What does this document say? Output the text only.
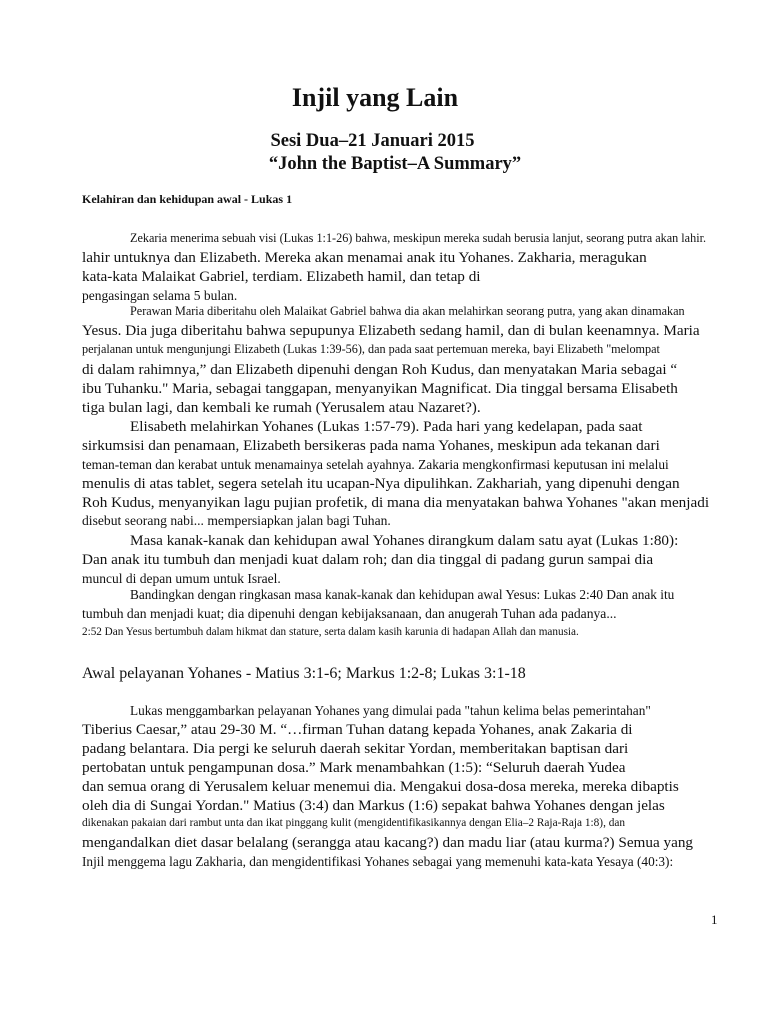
Injil yang Lain
Sesi Dua–21 Januari 2015
“John the Baptist–A Summary”
Kelahiran dan kehidupan awal - Lukas 1
Zekaria menerima sebuah visi (Lukas 1:1-26) bahwa, meskipun mereka sudah berusia lanjut, seorang putra akan lahir.
lahir untuknya dan Elizabeth. Mereka akan menamai anak itu Yohanes. Zakharia, meragukan
kata-kata Malaikat Gabriel, terdiam. Elizabeth hamil, dan tetap di
pengasingan selama 5 bulan.
Perawan Maria diberitahu oleh Malaikat Gabriel bahwa dia akan melahirkan seorang putra, yang akan dinamakan
Yesus. Dia juga diberitahu bahwa sepupunya Elizabeth sedang hamil, dan di bulan keenamnya. Maria
perjalanan untuk mengunjungi Elizabeth (Lukas 1:39-56), dan pada saat pertemuan mereka, bayi Elizabeth "melompat
di dalam rahimnya,” dan Elizabeth dipenuhi dengan Roh Kudus, dan menyatakan Maria sebagai “
ibu Tuhanku." Maria, sebagai tanggapan, menyanyikan Magnificat. Dia tinggal bersama Elisabeth
tiga bulan lagi, dan kembali ke rumah (Yerusalem atau Nazaret?).
Elisabeth melahirkan Yohanes (Lukas 1:57-79). Pada hari yang kedelapan, pada saat
sirkumsisi dan penamaan, Elizabeth bersikeras pada nama Yohanes, meskipun ada tekanan dari
teman-teman dan kerabat untuk menamainya setelah ayahnya. Zakaria mengkonfirmasi keputusan ini melalui
menulis di atas tablet, segera setelah itu ucapan-Nya dipulihkan. Zakhariah, yang dipenuhi dengan
Roh Kudus, menyanyikan lagu pujian profetik, di mana dia menyatakan bahwa Yohanes "akan menjadi
disebut seorang nabi... mempersiapkan jalan bagi Tuhan.
Masa kanak-kanak dan kehidupan awal Yohanes dirangkum dalam satu ayat (Lukas 1:80):
Dan anak itu tumbuh dan menjadi kuat dalam roh; dan dia tinggal di padang gurun sampai dia
muncul di depan umum untuk Israel.
Bandingkan dengan ringkasan masa kanak-kanak dan kehidupan awal Yesus: Lukas 2:40 Dan anak itu
tumbuh dan menjadi kuat; dia dipenuhi dengan kebijaksanaan, dan anugerah Tuhan ada padanya...
2:52 Dan Yesus bertumbuh dalam hikmat dan stature, serta dalam kasih karunia di hadapan Allah dan manusia.
Awal pelayanan Yohanes - Matius 3:1-6; Markus 1:2-8; Lukas 3:1-18
Lukas menggambarkan pelayanan Yohanes yang dimulai pada "tahun kelima belas pemerintahan"
Tiberius Caesar,” atau 29-30 M. “…firman Tuhan datang kepada Yohanes, anak Zakaria di
padang belantara. Dia pergi ke seluruh daerah sekitar Yordan, memberitakan baptisan dari
pertobatan untuk pengampunan dosa.” Mark menambahkan (1:5): “Seluruh daerah Yudea
dan semua orang di Yerusalem keluar menemui dia. Mengakui dosa-dosa mereka, mereka dibaptis
oleh dia di Sungai Yordan." Matius (3:4) dan Markus (1:6) sepakat bahwa Yohanes dengan jelas
dikenakan pakaian dari rambut unta dan ikat pinggang kulit (mengidentifikasikannya dengan Elia–2 Raja-Raja 1:8), dan
mengandalkan diet dasar belalang (serangga atau kacang?) dan madu liar (atau kurma?) Semua yang
Injil menggema lagu Zakharia, dan mengidentifikasi Yohanes sebagai yang memenuhi kata-kata Yesaya (40:3):
1
